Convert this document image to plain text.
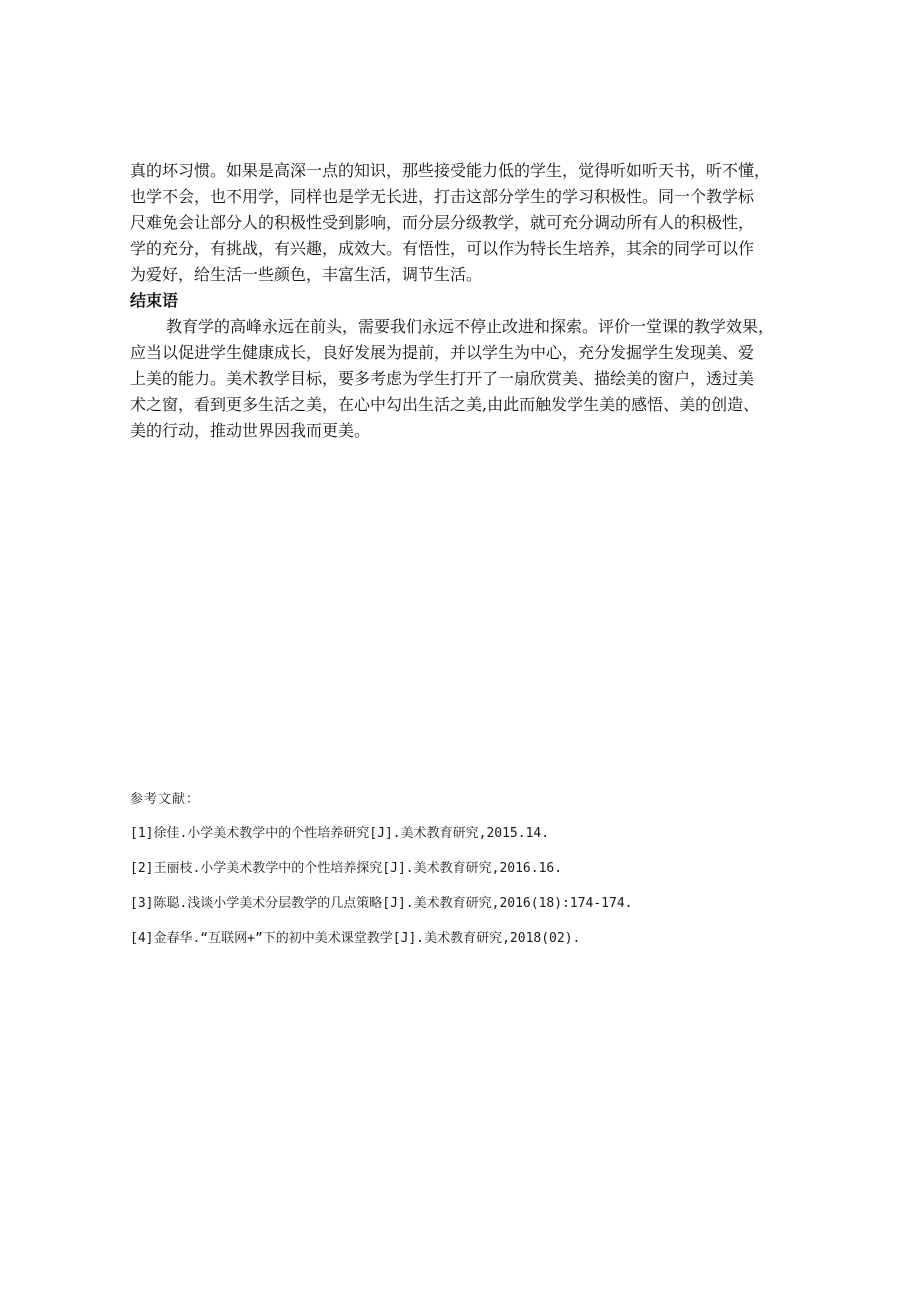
真的坏习惯。如果是高深一点的知识，那些接受能力低的学生，觉得听如听天书，听不懂，
也学不会，也不用学，同样也是学无长进，打击这部分学生的学习积极性。同一个教学标
尺难免会让部分人的积极性受到影响，而分层分级教学，就可充分调动所有人的积极性，
学的充分，有挑战，有兴趣，成效大。有悟性，可以作为特长生培养，其余的同学可以作
为爱好，给生活一些颜色，丰富生活，调节生活。
结束语
教育学的高峰永远在前头，需要我们永远不停止改进和探索。评价一堂课的教学效果，
应当以促进学生健康成长，良好发展为提前，并以学生为中心，充分发掘学生发现美、爱
上美的能力。美术教学目标，要多考虑为学生打开了一扇欣赏美、描绘美的窗户，透过美
术之窗，看到更多生活之美，在心中勾出生活之美,由此而触发学生美的感悟、美的创造、
美的行动，推动世界因我而更美。
参考文献：
[1]徐佳.小学美术教学中的个性培养研究[J].美术教育研究,2015.14.
[2]王丽枝.小学美术教学中的个性培养探究[J].美术教育研究,2016.16.
[3]陈聪.浅谈小学美术分层教学的几点策略[J].美术教育研究,2016(18):174-174.
[4]金春华.“互联网+”下的初中美术课堂教学[J].美术教育研究,2018(02).
